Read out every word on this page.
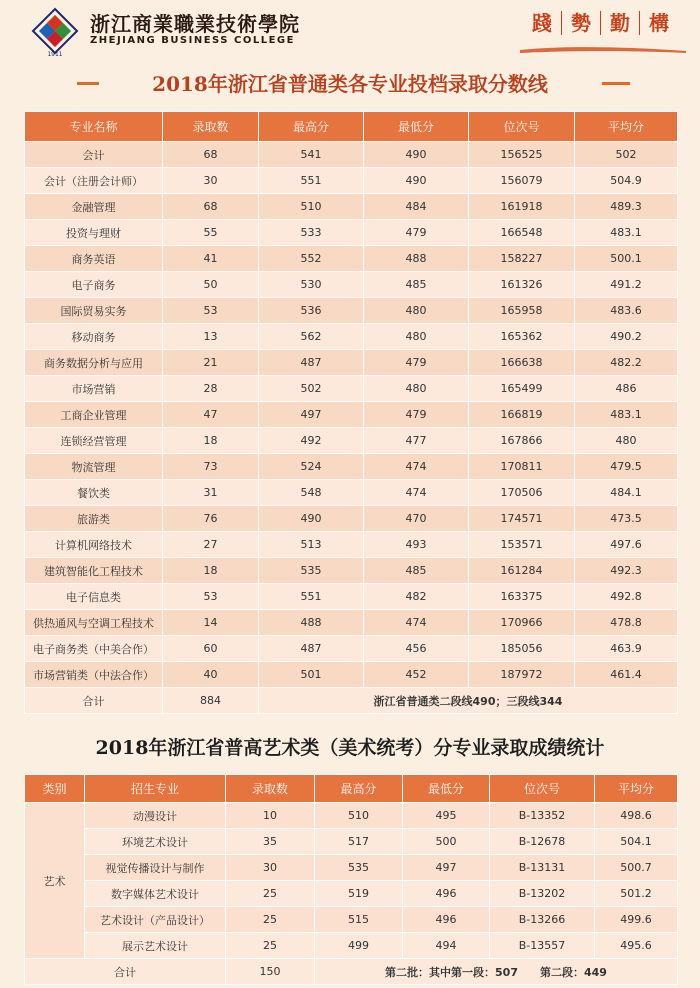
1911
浙江商業職業技術學院
ZHEJIANG BUSINESS COLLEGE
踐 勢 勤 構
2018年浙江省普通类各专业投档录取分数线
专业名称	录取数	最高分	最低分	位次号	平均分
会计	68	541	490	156525	502
会计（注册会计师）	30	551	490	156079	504.9
金融管理	68	510	484	161918	489.3
投资与理财	55	533	479	166548	483.1
商务英语	41	552	488	158227	500.1
电子商务	50	530	485	161326	491.2
国际贸易实务	53	536	480	165958	483.6
移动商务	13	562	480	165362	490.2
商务数据分析与应用	21	487	479	166638	482.2
市场营销	28	502	480	165499	486
工商企业管理	47	497	479	166819	483.1
连锁经营管理	18	492	477	167866	480
物流管理	73	524	474	170811	479.5
餐饮类	31	548	474	170506	484.1
旅游类	76	490	470	174571	473.5
计算机网络技术	27	513	493	153571	497.6
建筑智能化工程技术	18	535	485	161284	492.3
电子信息类	53	551	482	163375	492.8
供热通风与空调工程技术	14	488	474	170966	478.8
电子商务类（中美合作）	60	487	456	185056	463.9
市场营销类（中法合作）	40	501	452	187972	461.4
合计	884	浙江省普通类二段线490；三段线344			
2018年浙江省普高艺术类（美术统考）分专业录取成绩统计
类别	招生专业	录取数	最高分	最低分	位次号	平均分
艺术	动漫设计	10	510	495	B-13352	498.6
	环境艺术设计	35	517	500	B-12678	504.1
	视觉传播设计与制作	30	535	497	B-13131	500.7
	数字媒体艺术设计	25	519	496	B-13202	501.2
	艺术设计（产品设计）	25	515	496	B-13266	499.6
	展示艺术设计	25	499	494	B-13557	495.6
合计		150	第二批：其中第一段：507　　第二段：449			
